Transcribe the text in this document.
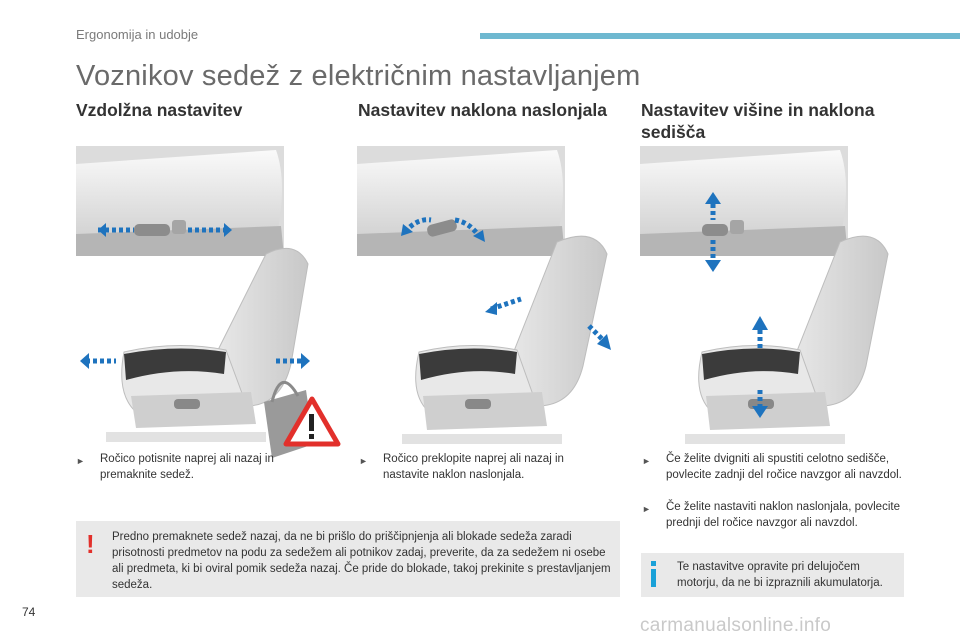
Ergonomija in udobje
Voznikov sedež z električnim nastavljanjem
Vzdolžna nastavitev	Nastavitev naklona naslonjala	Nastavitev višine in naklona sedišča
►	Ročico potisnite naprej ali nazaj in premaknite sedež.
►	Ročico preklopite naprej ali nazaj in nastavite naklon naslonjala.
►	Če želite dvigniti ali spustiti celotno sedišče, povlecite zadnji del ročice navzgor ali navzdol.
►	Če želite nastaviti naklon naslonjala, povlecite prednji del ročice navzgor ali navzdol.
! Predno premaknete sedež nazaj, da ne bi prišlo do priščipnjenja ali blokade sedeža zaradi prisotnosti predmetov na podu za sedežem ali potnikov zadaj, preverite, da za sedežem ni osebe ali predmeta, ki bi oviral pomik sedeža nazaj. Če pride do blokade, takoj prekinite s prestavljanjem sedeža.

Te nastavitve opravite pri delujočem motorju, da ne bi izpraznili akumulatorja.

74
carmanualsonline.info
